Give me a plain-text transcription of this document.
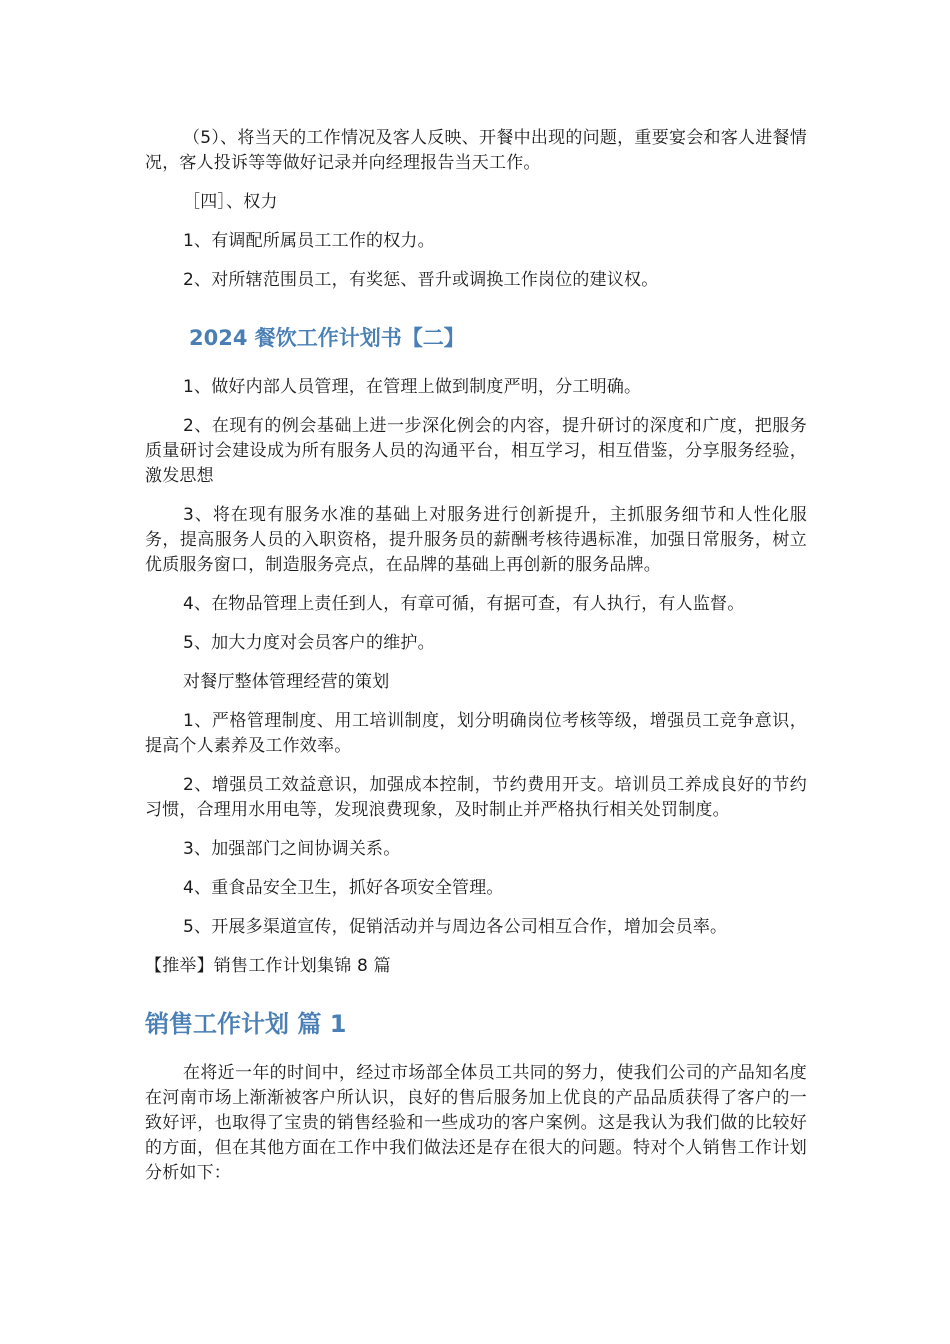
（5）、将当天的工作情况及客人反映、开餐中出现的问题，重要宴会和客人进餐情况，客人投诉等等做好记录并向经理报告当天工作。

［四］、权力

1、有调配所属员工工作的权力。

2、对所辖范围员工，有奖惩、晋升或调换工作岗位的建议权。

2024 餐饮工作计划书【二】

1、做好内部人员管理，在管理上做到制度严明，分工明确。

2、在现有的例会基础上进一步深化例会的内容，提升研讨的深度和广度，把服务质量研讨会建设成为所有服务人员的沟通平台，相互学习，相互借鉴，分享服务经验，激发思想

3、将在现有服务水准的基础上对服务进行创新提升，主抓服务细节和人性化服务，提高服务人员的入职资格，提升服务员的薪酬考核待遇标准，加强日常服务，树立优质服务窗口，制造服务亮点，在品牌的基础上再创新的服务品牌。

4、在物品管理上责任到人，有章可循，有据可查，有人执行，有人监督。

5、加大力度对会员客户的维护。

对餐厅整体管理经营的策划

1、严格管理制度、用工培训制度，划分明确岗位考核等级，增强员工竞争意识，提高个人素养及工作效率。

2、增强员工效益意识，加强成本控制，节约费用开支。培训员工养成良好的节约习惯，合理用水用电等，发现浪费现象，及时制止并严格执行相关处罚制度。

3、加强部门之间协调关系。

4、重食品安全卫生，抓好各项安全管理。

5、开展多渠道宣传，促销活动并与周边各公司相互合作，增加会员率。

【推举】销售工作计划集锦 8 篇

销售工作计划 篇 1

在将近一年的时间中，经过市场部全体员工共同的努力，使我们公司的产品知名度在河南市场上渐渐被客户所认识，良好的售后服务加上优良的产品品质获得了客户的一致好评，也取得了宝贵的销售经验和一些成功的客户案例。这是我认为我们做的比较好的方面，但在其他方面在工作中我们做法还是存在很大的问题。特对个人销售工作计划分析如下：
